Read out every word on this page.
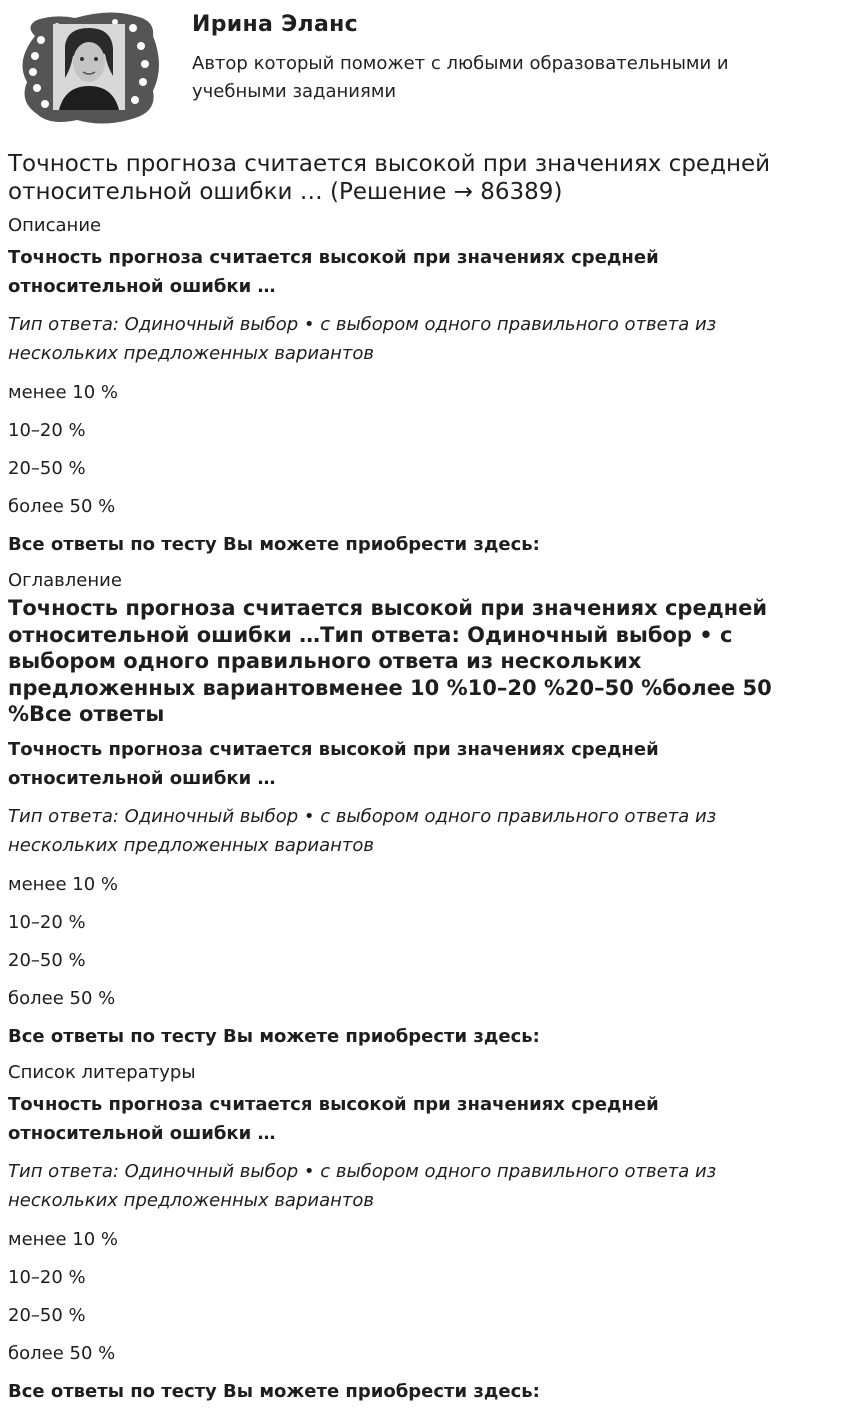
Ирина Эланс
Автор который поможет с любыми образовательными и учебными заданиями
Точность прогноза считается высокой при значениях средней относительной ошибки … (Решение → 86389)
Описание
Точность прогноза считается высокой при значениях средней относительной ошибки …
Тип ответа: Одиночный выбор • с выбором одного правильного ответа из нескольких предложенных вариантов
менее 10 %
10–20 %
20–50 %
более 50 %
Все ответы по тесту Вы можете приобрести здесь:
Оглавление
Точность прогноза считается высокой при значениях средней относительной ошибки …Тип ответа: Одиночный выбор • с выбором одного правильного ответа из нескольких предложенных вариантовменее 10 %10–20 %20–50 %более 50 %Все ответы
Точность прогноза считается высокой при значениях средней относительной ошибки …
Тип ответа: Одиночный выбор • с выбором одного правильного ответа из нескольких предложенных вариантов
менее 10 %
10–20 %
20–50 %
более 50 %
Все ответы по тесту Вы можете приобрести здесь:
Список литературы
Точность прогноза считается высокой при значениях средней относительной ошибки …
Тип ответа: Одиночный выбор • с выбором одного правильного ответа из нескольких предложенных вариантов
менее 10 %
10–20 %
20–50 %
более 50 %
Все ответы по тесту Вы можете приобрести здесь:
